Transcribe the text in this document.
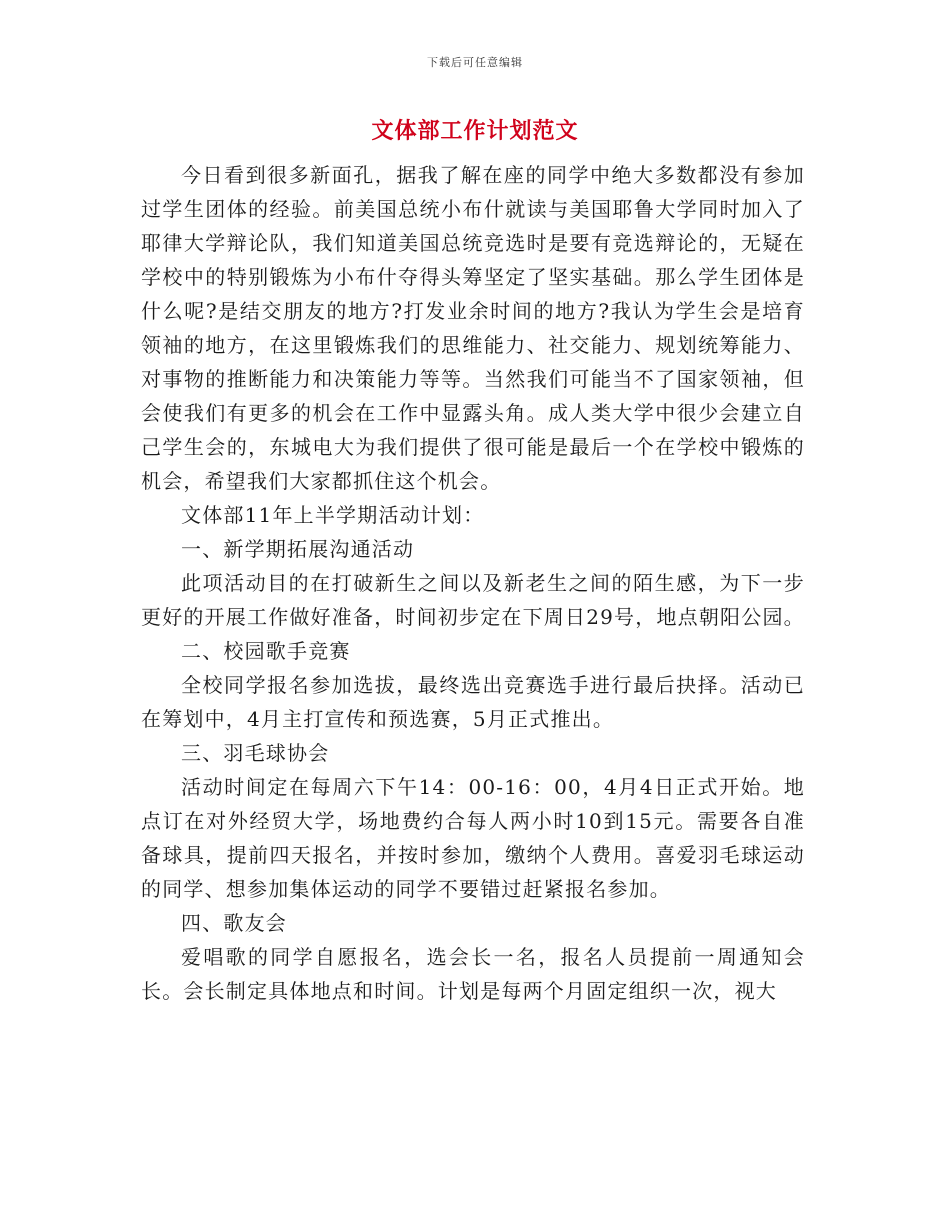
下载后可任意编辑
文体部工作计划范文

今日看到很多新面孔，据我了解在座的同学中绝大多数都没有参加过学生团体的经验。前美国总统小布什就读与美国耶鲁大学同时加入了耶律大学辩论队，我们知道美国总统竞选时是要有竞选辩论的，无疑在学校中的特别锻炼为小布什夺得头筹坚定了坚实基础。那么学生团体是什么呢?是结交朋友的地方?打发业余时间的地方?我认为学生会是培育领袖的地方，在这里锻炼我们的思维能力、社交能力、规划统筹能力、对事物的推断能力和决策能力等等。当然我们可能当不了国家领袖，但会使我们有更多的机会在工作中显露头角。成人类大学中很少会建立自己学生会的，东城电大为我们提供了很可能是最后一个在学校中锻炼的机会，希望我们大家都抓住这个机会。

文体部11年上半学期活动计划：

一、新学期拓展沟通活动

此项活动目的在打破新生之间以及新老生之间的陌生感，为下一步更好的开展工作做好准备，时间初步定在下周日29号，地点朝阳公园。

二、校园歌手竞赛

全校同学报名参加选拔，最终选出竞赛选手进行最后抉择。活动已在筹划中，4月主打宣传和预选赛，5月正式推出。

三、羽毛球协会

活动时间定在每周六下午14：00-16：00，4月4日正式开始。地点订在对外经贸大学，场地费约合每人两小时10到15元。需要各自准备球具，提前四天报名，并按时参加，缴纳个人费用。喜爱羽毛球运动的同学、想参加集体运动的同学不要错过赶紧报名参加。

四、歌友会

爱唱歌的同学自愿报名，选会长一名，报名人员提前一周通知会长。会长制定具体地点和时间。计划是每两个月固定组织一次，视大
